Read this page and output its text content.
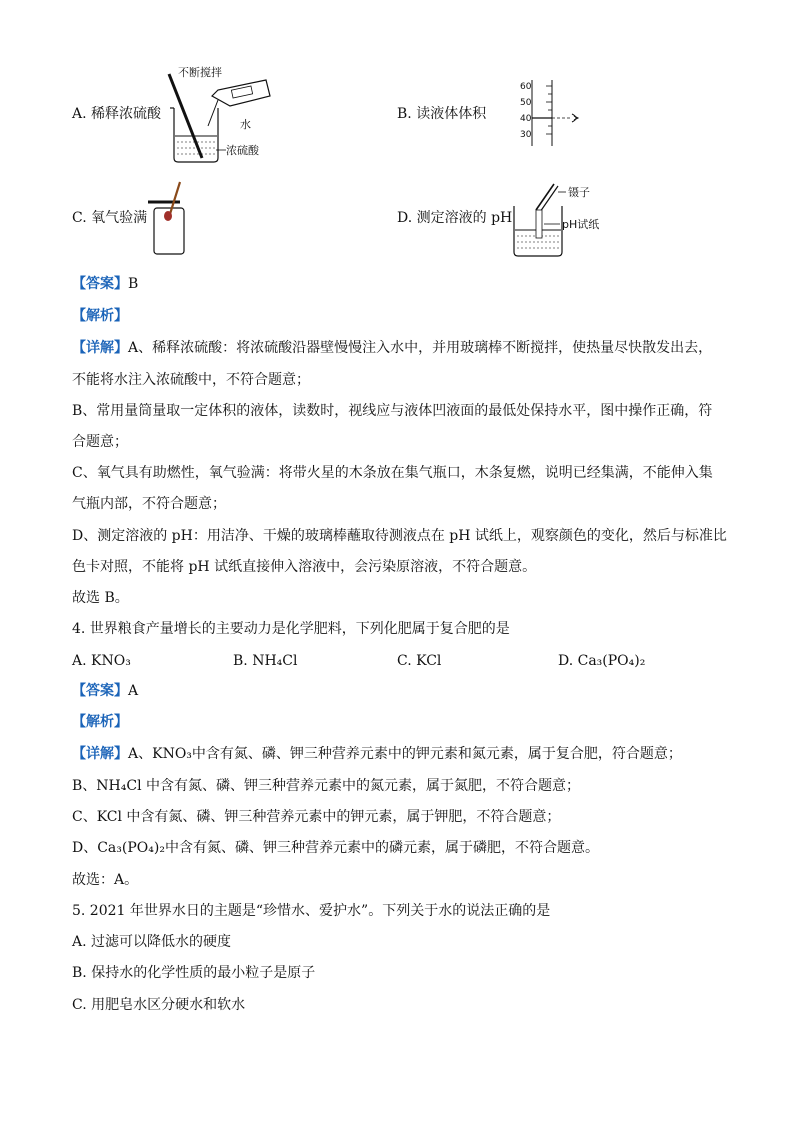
A. 稀释浓硫酸
不断搅拌
水
浓硫酸
B. 读液体体积
60
50
40
30
C. 氧气验满	D. 测定溶液的 pH
镊子
pH试纸
【答案】B
【解析】
【详解】A、稀释浓硫酸：将浓硫酸沿器壁慢慢注入水中，并用玻璃棒不断搅拌，使热量尽快散发出去，
不能将水注入浓硫酸中，不符合题意；
B、常用量筒量取一定体积的液体，读数时，视线应与液体凹液面的最低处保持水平，图中操作正确，符
合题意；
C、氧气具有助燃性，氧气验满：将带火星的木条放在集气瓶口，木条复燃，说明已经集满，不能伸入集
气瓶内部，不符合题意；
D、测定溶液的 pH：用洁净、干燥的玻璃棒蘸取待测液点在 pH 试纸上，观察颜色的变化，然后与标准比
色卡对照，不能将 pH 试纸直接伸入溶液中，会污染原溶液，不符合题意。
故选 B。
4. 世界粮食产量增长的主要动力是化学肥料，下列化肥属于复合肥的是
A. KNO₃	B. NH₄Cl	C. KCl	D. Ca₃(PO₄)₂
【答案】A
【解析】
【详解】A、KNO₃中含有氮、磷、钾三种营养元素中的钾元素和氮元素，属于复合肥，符合题意；
B、NH₄Cl 中含有氮、磷、钾三种营养元素中的氮元素，属于氮肥，不符合题意；
C、KCl 中含有氮、磷、钾三种营养元素中的钾元素，属于钾肥，不符合题意；
D、Ca₃(PO₄)₂中含有氮、磷、钾三种营养元素中的磷元素，属于磷肥，不符合题意。
故选：A。
5. 2021 年世界水日的主题是“珍惜水、爱护水”。下列关于水的说法正确的是
A. 过滤可以降低水的硬度
B. 保持水的化学性质的最小粒子是原子
C. 用肥皂水区分硬水和软水
